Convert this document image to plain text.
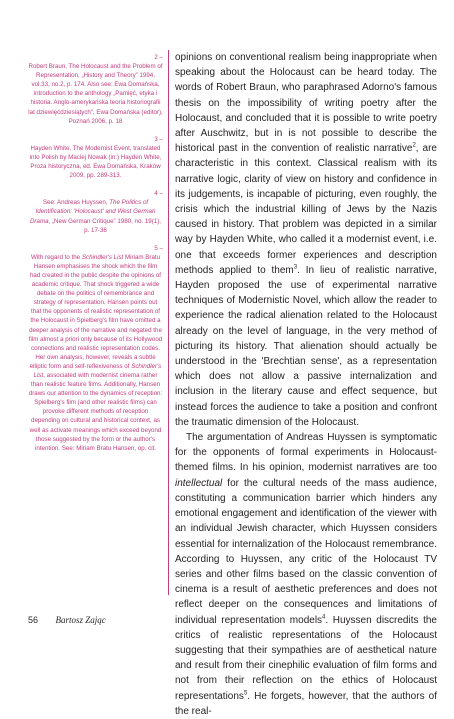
2 –

Robert Braun, The Holocaust and the Problem of Representation, „History and Theory” 1994, vol.33, no.2, p. 174. Also see: Ewa Domańska, introduction to the anthology „Pamięć, etyka i historia. Anglo-amerykańska teoria historiografii lat dziewięćdziesiątych”, Ewa Domańska (editor), Poznań 2006, p. 18

3 –

Hayden White, The Modernist Event, translated into Polish by Maciej Nowak (in:) Hayden White, Proza historyczna, ed. Ewa Domańska, Kraków 2009, pp. 289-313.

4 –

See: Andreas Huyssen, The Politics of Identification: 'Holocaust' and West German Drama, „New German Critique” 1980, no. 19(1), p. 17-36

5 –

With regard to the Schindler's List Miriam Bratu Hansen emphasises the shock which the film had created in the public despite the opinions of academic critique. That shock triggered a wide debate on the politics of remembrance and strategy of representation. Hansen points out that the opponents of realistic representation of the Holocaust in Spielberg's film have omitted a deeper analysis of the narrative and negated the film almost a priori only because of its Hollywood connections and realistic representation codes. Her own analysis, however, reveals a subtle elliptic form and self-reflexiveness of Schindler's List, associated with modernist cinema rather than realistic feature films. Additionally, Hansen draws our attention to the dynamics of reception: Spielberg's film (and other realistic films) can provoke different methods of reception depending on cultural and historical context, as well as activate meanings which exceed beyond those suggested by the form or the author's intention. See: Miriam Bratu Hansen, op. cit.

opinions on conventional realism being inappropriate when speaking about the Holocaust can be heard today. The words of Robert Braun, who paraphrased Adorno's famous thesis on the impossibility of writing poetry after the Holocaust, and concluded that it is possible to write poetry after Auschwitz, but in is not possible to describe the historical past in the convention of realistic narrative$^2$, are characteristic in this context. Classical realism with its narrative logic, clarity of view on history and confidence in its judgements, is incapable of picturing, even roughly, the crisis which the industrial killing of Jews by the Nazis caused in history. That problem was depicted in a similar way by Hayden White, who called it a modernist event, i.e. one that exceeds former experiences and description methods applied to them$^3$. In lieu of realistic narrative, Hayden proposed the use of experimental narrative techniques of Modernistic Novel, which allow the reader to experience the radical alienation related to the Holocaust already on the level of language, in the very method of picturing its history. That alienation should actually be understood in the 'Brechtian sense', as a representation which does not allow a passive internalization and inclusion in the literary cause and effect sequence, but instead forces the audience to take a position and confront the traumatic dimension of the Holocaust.

The argumentation of Andreas Huyssen is symptomatic for the opponents of formal experiments in Holocaust-themed films. In his opinion, modernist narratives are too intellectual for the cultural needs of the mass audience, constituting a communication barrier which hinders any emotional engagement and identification of the viewer with an individual Jewish character, which Huyssen considers essential for internalization of the Holocaust remembrance. According to Huyssen, any critic of the Holocaust TV series and other films based on the classic convention of cinema is a result of aesthetic preferences and does not reflect deeper on the consequences and limitations of individual representation models$^4$. Huyssen discredits the critics of realistic representations of the Holocaust suggesting that their sympathies are of aesthetical nature and result from their cinephilic evaluation of film forms and not from their reflection on the ethics of Holocaust representations$^5$. He forgets, however, that the authors of the real-

56 Bartosz Zając
